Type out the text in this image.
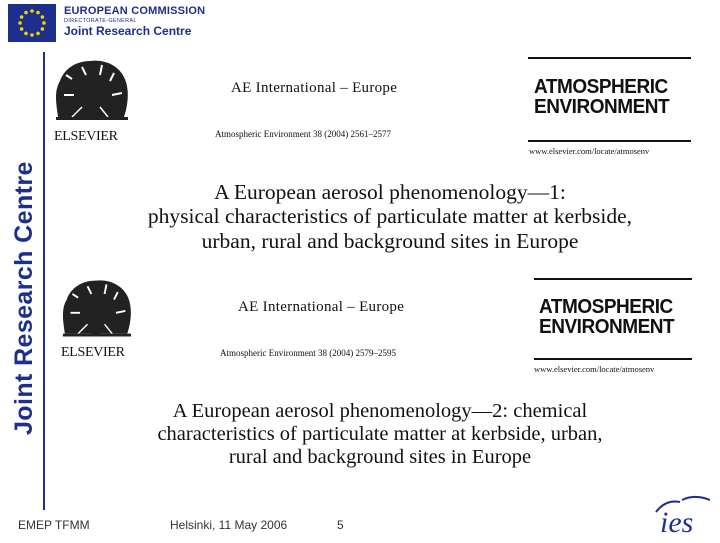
EUROPEAN COMMISSION
DIRECTORATE-GENERAL
Joint Research Centre
Joint Research Centre
ELSEVIER
AE International – Europe
Atmospheric Environment 38 (2004) 2561–2577
ATMOSPHERIC
ENVIRONMENT
www.elsevier.com/locate/atmosenv
A European aerosol phenomenology—1:
physical characteristics of particulate matter at kerbside,
urban, rural and background sites in Europe
ELSEVIER
AE International – Europe
Atmospheric Environment 38 (2004) 2579–2595
ATMOSPHERIC
ENVIRONMENT
www.elsevier.com/locate/atmosenv
A European aerosol phenomenology—2: chemical
characteristics of particulate matter at kerbside, urban,
rural and background sites in Europe
EMEP TFMM	Helsinki, 11 May 2006	5	ies
